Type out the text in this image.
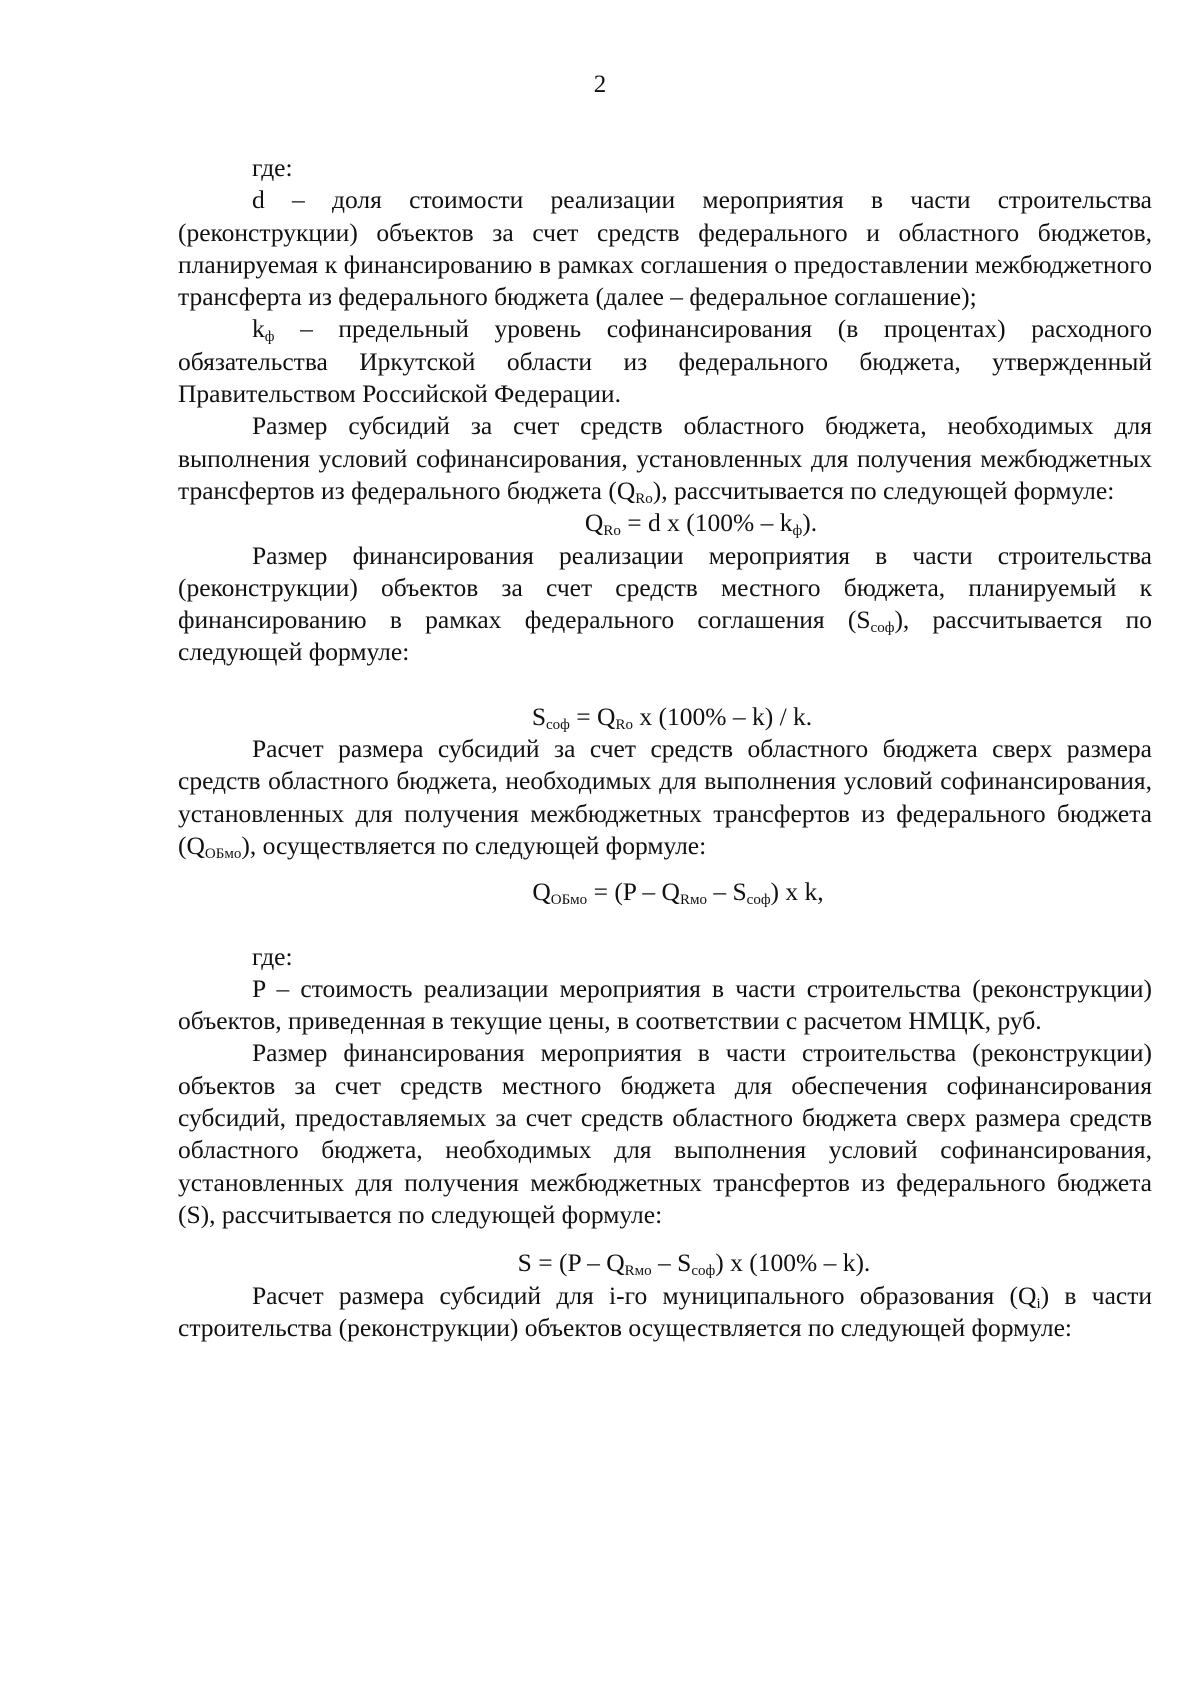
2

где:

d – доля стоимости реализации мероприятия в части строительства (реконструкции) объектов за счет средств федерального и областного бюджетов, планируемая к финансированию в рамках соглашения о предоставлении межбюджетного трансферта из федерального бюджета (далее – федеральное соглашение);

$k_ф$ – предельный уровень софинансирования (в процентах) расходного обязательства Иркутской области из федерального бюджета, утвержденный Правительством Российской Федерации.

Размер субсидий за счет средств областного бюджета, необходимых для выполнения условий софинансирования, установленных для получения межбюджетных трансфертов из федерального бюджета $(Q_{Ro})$, рассчитывается по следующей формуле:

$Q_{Ro} = d$ x $(100\% - k_ф)$.

Размер финансирования реализации мероприятия в части строительства (реконструкции) объектов за счет средств местного бюджета, планируемый к финансированию в рамках федерального соглашения $(S_{соф})$, рассчитывается по следующей формуле:

$S_{соф} = Q_{Ro}$ x (100% – k) / k.

Расчет размера субсидий за счет средств областного бюджета сверх размера средств областного бюджета, необходимых для выполнения условий софинансирования, установленных для получения межбюджетных трансфертов из федерального бюджета $(Q_{ОБмо})$, осуществляется по следующей формуле:

$Q_{ОБмо} = (P - Q_{Rмо} - S_{соф})$ x k,

где:

P – стоимость реализации мероприятия в части строительства (реконструкции) объектов, приведенная в текущие цены, в соответствии с расчетом НМЦК, руб.

Размер финансирования мероприятия в части строительства (реконструкции) объектов за счет средств местного бюджета для обеспечения софинансирования субсидий, предоставляемых за счет средств областного бюджета сверх размера средств областного бюджета, необходимых для выполнения условий софинансирования, установленных для получения межбюджетных трансфертов из федерального бюджета (S), рассчитывается по следующей формуле:

$S = (P - Q_{Rмо} - S_{соф})$ x (100% – k).

Расчет размера субсидий для i-го муниципального образования $(Q_i)$ в части строительства (реконструкции) объектов осуществляется по следующей формуле:
